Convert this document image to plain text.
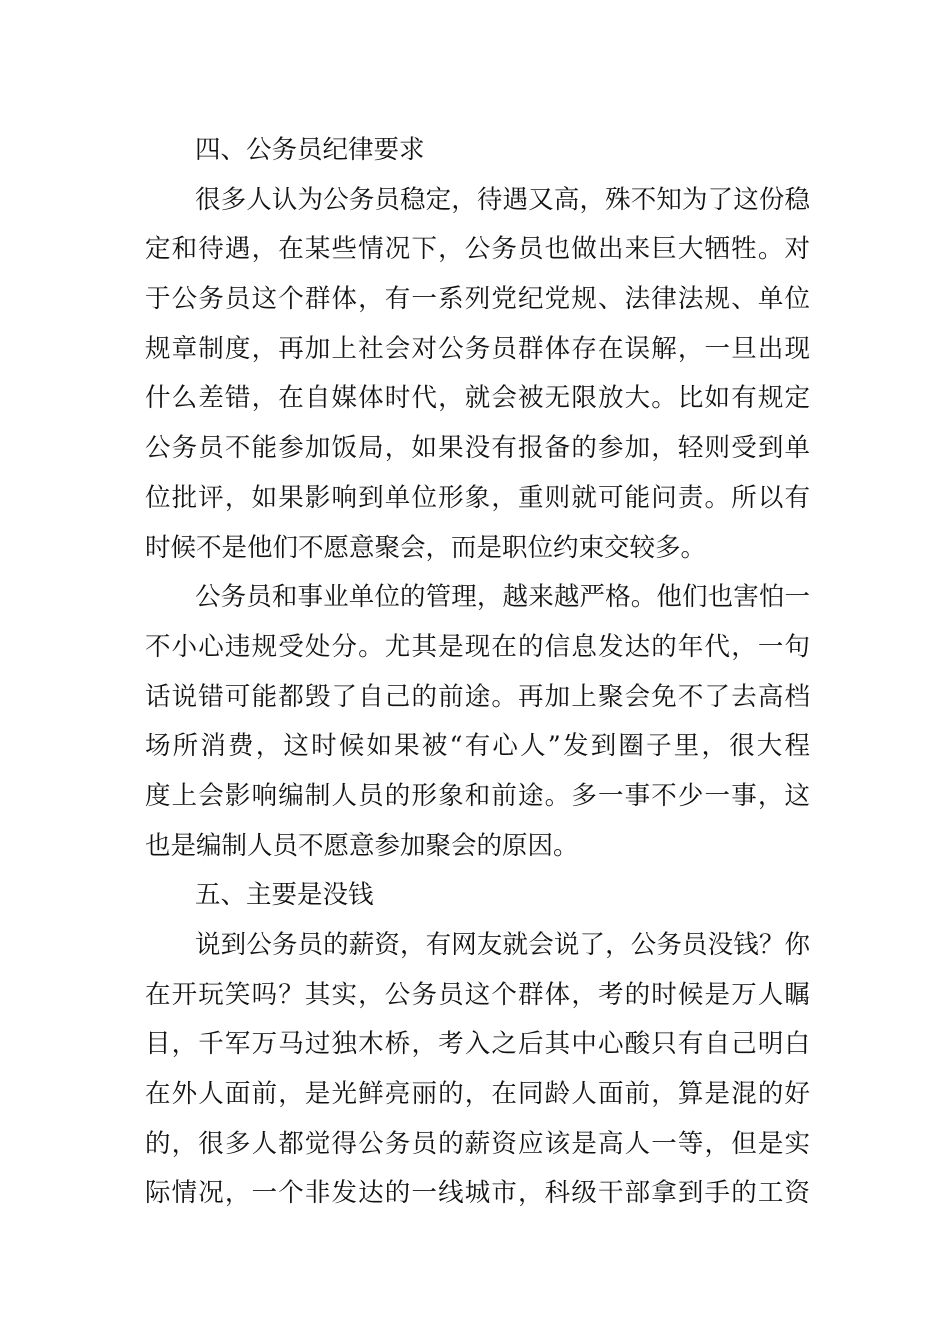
四、公务员纪律要求
很多人认为公务员稳定，待遇又高，殊不知为了这份稳
定和待遇，在某些情况下，公务员也做出来巨大牺牲。对
于公务员这个群体，有一系列党纪党规、法律法规、单位
规章制度，再加上社会对公务员群体存在误解，一旦出现
什么差错，在自媒体时代，就会被无限放大。比如有规定
公务员不能参加饭局，如果没有报备的参加，轻则受到单
位批评，如果影响到单位形象，重则就可能问责。所以有
时候不是他们不愿意聚会，而是职位约束交较多。
公务员和事业单位的管理，越来越严格。他们也害怕一
不小心违规受处分。尤其是现在的信息发达的年代，一句
话说错可能都毁了自己的前途。再加上聚会免不了去高档
场所消费，这时候如果被“有心人”发到圈子里，很大程
度上会影响编制人员的形象和前途。多一事不少一事，这
也是编制人员不愿意参加聚会的原因。
五、主要是没钱
说到公务员的薪资，有网友就会说了，公务员没钱？你
在开玩笑吗？其实，公务员这个群体，考的时候是万人瞩
目，千军万马过独木桥，考入之后其中心酸只有自己明白
在外人面前，是光鲜亮丽的，在同龄人面前，算是混的好
的，很多人都觉得公务员的薪资应该是高人一等，但是实
际情况，一个非发达的一线城市，科级干部拿到手的工资
